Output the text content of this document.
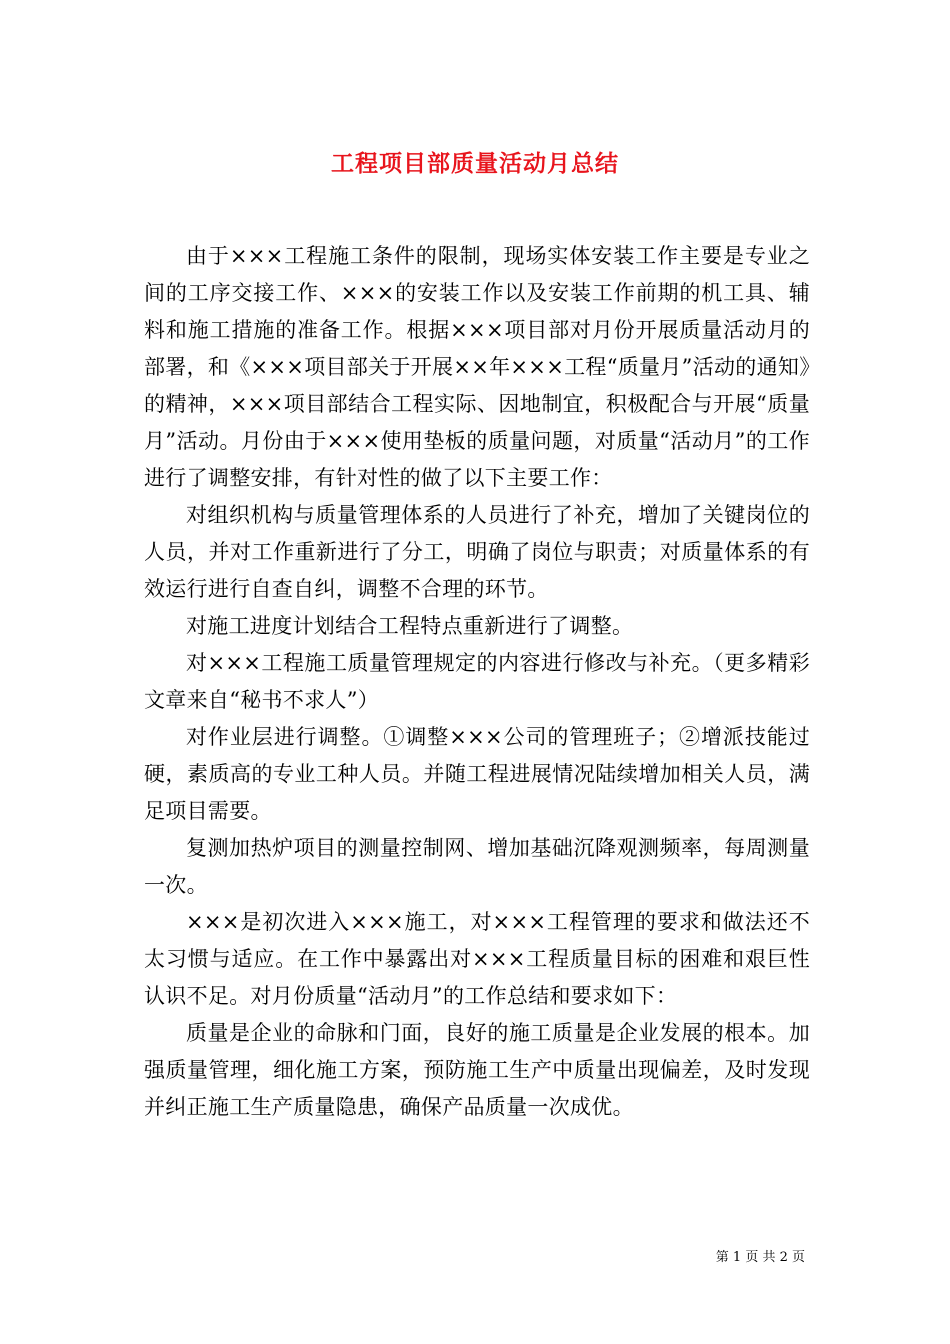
工程项目部质量活动月总结

由于×××工程施工条件的限制，现场实体安装工作主要是专业之间的工序交接工作、×××的安装工作以及安装工作前期的机工具、辅料和施工措施的准备工作。根据×××项目部对月份开展质量活动月的部署，和《×××项目部关于开展××年×××工程“质量月”活动的通知》的精神，×××项目部结合工程实际、因地制宜，积极配合与开展“质量月”活动。月份由于×××使用垫板的质量问题，对质量“活动月”的工作进行了调整安排，有针对性的做了以下主要工作：

对组织机构与质量管理体系的人员进行了补充，增加了关键岗位的人员，并对工作重新进行了分工，明确了岗位与职责；对质量体系的有效运行进行自查自纠，调整不合理的环节。

对施工进度计划结合工程特点重新进行了调整。

对×××工程施工质量管理规定的内容进行修改与补充。（更多精彩文章来自“秘书不求人”）

对作业层进行调整。①调整×××公司的管理班子；②增派技能过硬，素质高的专业工种人员。并随工程进展情况陆续增加相关人员，满足项目需要。

复测加热炉项目的测量控制网、增加基础沉降观测频率，每周测量一次。

×××是初次进入×××施工，对×××工程管理的要求和做法还不太习惯与适应。在工作中暴露出对×××工程质量目标的困难和艰巨性认识不足。对月份质量“活动月”的工作总结和要求如下：

质量是企业的命脉和门面，良好的施工质量是企业发展的根本。加强质量管理，细化施工方案，预防施工生产中质量出现偏差，及时发现并纠正施工生产质量隐患，确保产品质量一次成优。

第 1 页 共 2 页
